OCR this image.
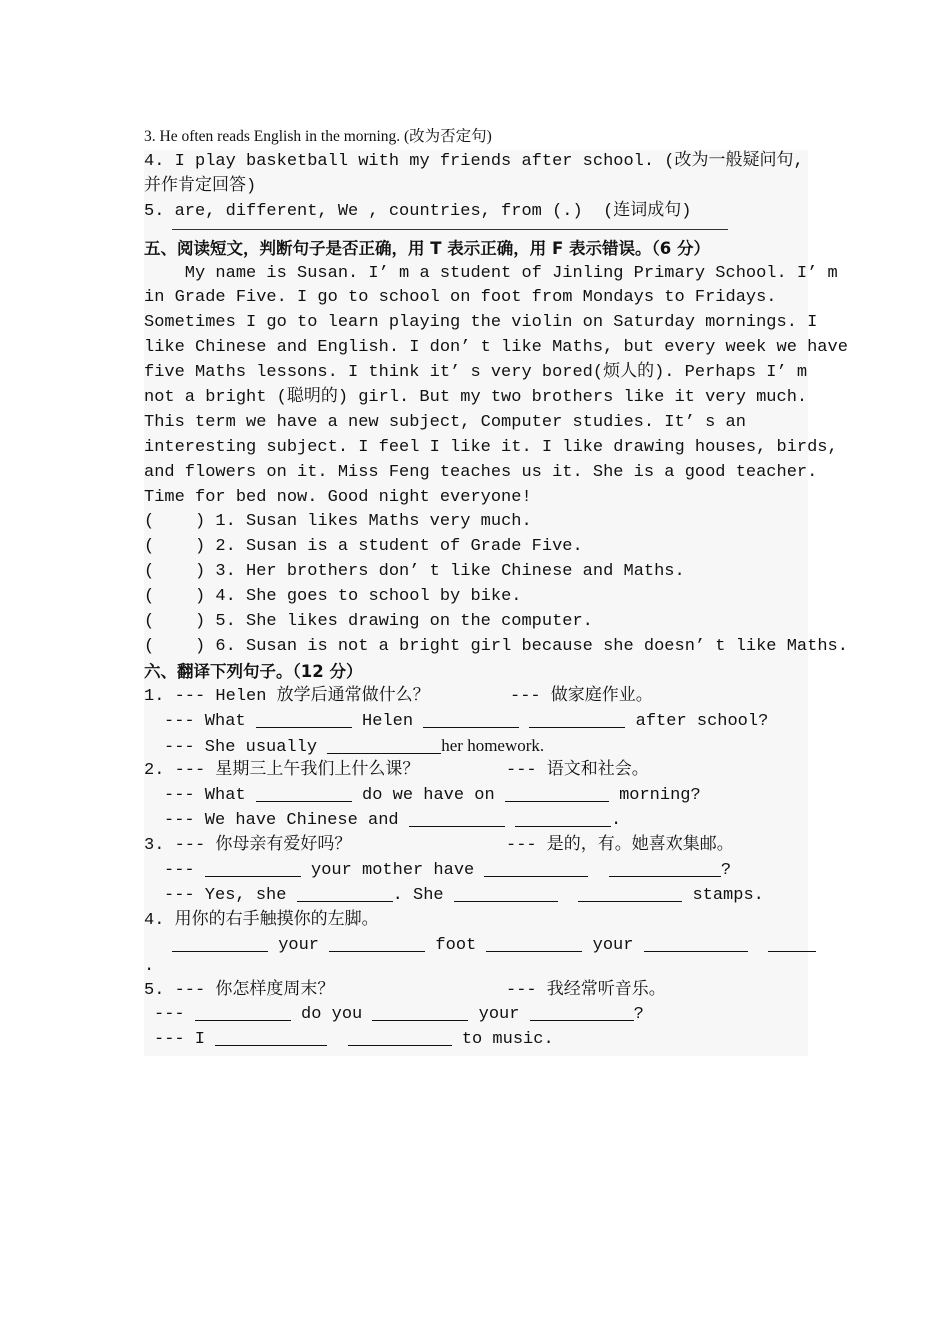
3. He often reads English in the morning. (改为否定句)
4. I play basketball with my friends after school. (改为一般疑问句,
并作肯定回答)
5. are, different, We , countries, from (.)  (连词成句)
五、阅读短文，判断句子是否正确，用 T 表示正确，用 F 表示错误。（6 分）
My name is Susan. I’ m a student of Jinling Primary School. I’ m
in Grade Five. I go to school on foot from Mondays to Fridays.
Sometimes I go to learn playing the violin on Saturday mornings. I
like Chinese and English. I don’ t like Maths, but every week we have
five Maths lessons. I think it’ s very bored(烦人的). Perhaps I’ m
not a bright (聪明的) girl. But my two brothers like it very much.
This term we have a new subject, Computer studies. It’ s an
interesting subject. I feel I like it. I like drawing houses, birds,
and flowers on it. Miss Feng teaches us it. She is a good teacher.
Time for bed now. Good night everyone!
(    ) 1. Susan likes Maths very much.
(    ) 2. Susan is a student of Grade Five.
(    ) 3. Her brothers don’ t like Chinese and Maths.
(    ) 4. She goes to school by bike.
(    ) 5. She likes drawing on the computer.
(    ) 6. Susan is not a bright girl because she doesn’ t like Maths.
六、翻译下列句子。（12 分）
1. --- Helen 放学后通常做什么？	--- 做家庭作业。
--- What	Helen	after school?
--- She usually	her homework.
2. --- 星期三上午我们上什么课？	--- 语文和社会。
--- What	do we have on	morning?
--- We have Chinese and	.
3. --- 你母亲有爱好吗？	--- 是的，有。她喜欢集邮。
---	your mother have	?
--- Yes, she	. She	stamps.
4. 用你的右手触摸你的左脚。
your	foot	your
.
5. --- 你怎样度周末？	--- 我经常听音乐。
---	do you	your	?
--- I	to music.
